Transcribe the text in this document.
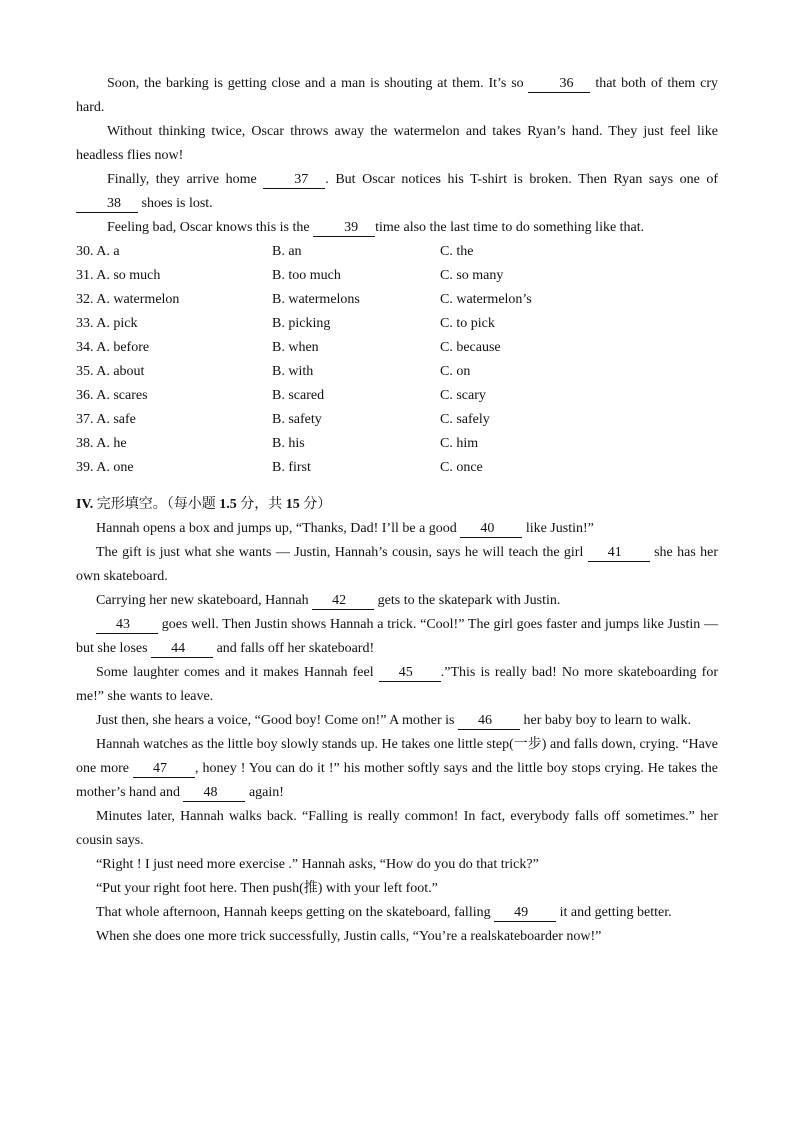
Soon, the barking is getting close and a man is shouting at them. It’s so	36 that both of them cry hard.

Without thinking twice, Oscar throws away the watermelon and takes Ryan’s hand. They just feel like headless flies now!

Finally, they arrive home	37 . But Oscar notices his T-shirt is broken. Then Ryan says one of 38 shoes is lost.

Feeling bad, Oscar knows this is the 39 time also the last time to do something like that.

30. A. a	B. an	C. the
31. A. so much	B. too much	C. so many
32. A. watermelon	B. watermelons	C. watermelon’s
33. A. pick	B. picking	C. to pick
34. A. before	B. when	C. because
35. A. about	B. with	C. on
36. A. scares	B. scared	C. scary
37. A. safe	B. safety	C. safely
38. A. he	B. his	C. him
39. A. one	B. first	C. once

IV. 完形填空。（每小题 1.5 分，共 15 分）

Hannah opens a box and jumps up, “Thanks, Dad! I’ll be a good 40 like Justin!”

The gift is just what she wants — Justin, Hannah’s cousin, says he will teach the girl 41 she has her own skateboard.

Carrying her new skateboard, Hannah 42 gets to the skatepark with Justin.

43 goes well. Then Justin shows Hannah a trick. “Cool!” The girl goes faster and jumps like Justin —but she loses 44 and falls off her skateboard!

Some laughter comes and it makes Hannah feel 45 .”This is really bad! No more skateboarding for me!” she wants to leave.

Just then, she hears a voice, “Good boy! Come on!” A mother is 46 her baby boy to learn to walk.

Hannah watches as the little boy slowly stands up. He takes one little step(一步) and falls down, crying. “Have one more 47 , honey ! You can do it !” his mother softly says and the little boy stops crying. He takes the mother’s hand and 48 again!

Minutes later, Hannah walks back. “Falling is really common! In fact, everybody falls off sometimes.” her cousin says.

“Right ! I just need more exercise .” Hannah asks, “How do you do that trick?”

“Put your right foot here. Then push(推) with your left foot.”

That whole afternoon, Hannah keeps getting on the skateboard, falling 49 it and getting better.

When she does one more trick successfully, Justin calls, “You’re a realskateboarder now!”
